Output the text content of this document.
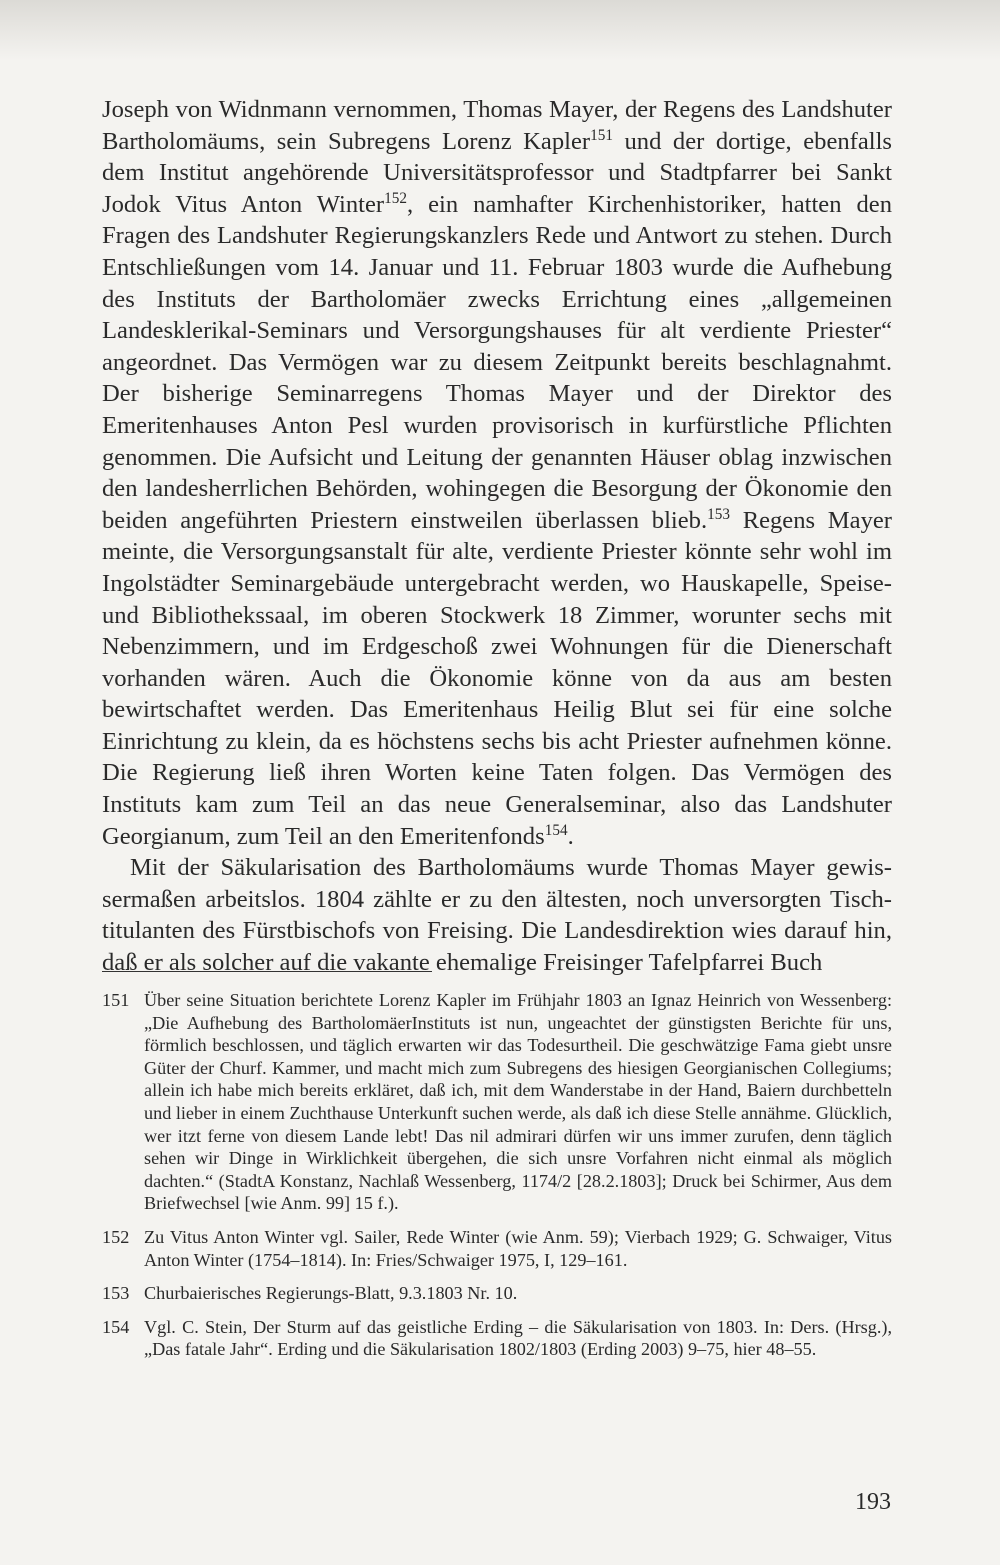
Joseph von Widnmann vernommen, Thomas Mayer, der Regens des Landshuter Bartholomäums, sein Subregens Lorenz Kapler$^{151}$ und der dortige, ebenfalls dem Institut angehörende Universitätsprofessor und Stadtpfarrer bei Sankt Jodok Vitus Anton Winter$^{152}$, ein namhafter Kirchenhistoriker, hatten den Fragen des Landshuter Regierungskanzlers Rede und Antwort zu stehen. Durch Entschließungen vom 14. Januar und 11. Februar 1803 wurde die Aufhebung des Instituts der Bartholomäer zwecks Errichtung eines „allgemeinen Landesklerikal-Seminars und Versorgungshauses für alt verdiente Priester“ angeordnet. Das Vermögen war zu diesem Zeitpunkt bereits beschlagnahmt. Der bisherige Seminarregens Thomas Mayer und der Direktor des Emeritenhauses Anton Pesl wurden provisorisch in kurfürstliche Pflichten genommen. Die Aufsicht und Leitung der genannten Häuser oblag inzwischen den landesherrlichen Behörden, wohingegen die Besorgung der Ökonomie den beiden angeführten Priestern einstweilen überlassen blieb.$^{153}$ Regens Mayer meinte, die Versorgungsanstalt für alte, verdiente Priester könnte sehr wohl im Ingolstädter Seminargebäude untergebracht werden, wo Hauskapelle, Speise- und Bibliothekssaal, im oberen Stockwerk 18 Zimmer, worunter sechs mit Nebenzimmern, und im Erdgeschoß zwei Wohnungen für die Dienerschaft vorhanden wären. Auch die Ökonomie könne von da aus am besten bewirtschaftet werden. Das Emeritenhaus Heilig Blut sei für eine solche Einrichtung zu klein, da es höchstens sechs bis acht Priester aufnehmen könne. Die Regierung ließ ihren Worten keine Taten folgen. Das Vermögen des Instituts kam zum Teil an das neue Generalseminar, also das Landshuter Georgianum, zum Teil an den Emeritenfonds$^{154}$.

Mit der Säkularisation des Bartholomäums wurde Thomas Mayer gewissermaßen arbeitslos. 1804 zählte er zu den ältesten, noch unversorgten Tischtitulanten des Fürstbischofs von Freising. Die Landesdirektion wies darauf hin, daß er als solcher auf die vakante ehemalige Freisinger Tafelpfarrei Buch

151 Über seine Situation berichtete Lorenz Kapler im Frühjahr 1803 an Ignaz Heinrich von Wessenberg: „Die Aufhebung des BartholomäerInstituts ist nun, ungeachtet der günstigsten Berichte für uns, förmlich beschlossen, und täglich erwarten wir das Todesurtheil. Die geschwätzige Fama giebt unsre Güter der Churf. Kammer, und macht mich zum Subregens des hiesigen Georgianischen Collegiums; allein ich habe mich bereits erkläret, daß ich, mit dem Wanderstabe in der Hand, Baiern durchbetteln und lieber in einem Zuchthause Unterkunft suchen werde, als daß ich diese Stelle annähme. Glücklich, wer itzt ferne von diesem Lande lebt! Das nil admirari dürfen wir uns immer zurufen, denn täglich sehen wir Dinge in Wirklichkeit übergehen, die sich unsre Vorfahren nicht einmal als möglich dachten.“ (StadtA Konstanz, Nachlaß Wessenberg, 1174/2 [28.2.1803]; Druck bei Schirmer, Aus dem Briefwechsel [wie Anm. 99] 15 f.).
152 Zu Vitus Anton Winter vgl. Sailer, Rede Winter (wie Anm. 59); Vierbach 1929; G. Schwaiger, Vitus Anton Winter (1754–1814). In: Fries/Schwaiger 1975, I, 129–161.
153 Churbaierisches Regierungs-Blatt, 9.3.1803 Nr. 10.
154 Vgl. C. Stein, Der Sturm auf das geistliche Erding – die Säkularisation von 1803. In: Ders. (Hrsg.), „Das fatale Jahr“. Erding und die Säkularisation 1802/1803 (Erding 2003) 9–75, hier 48–55.
193
